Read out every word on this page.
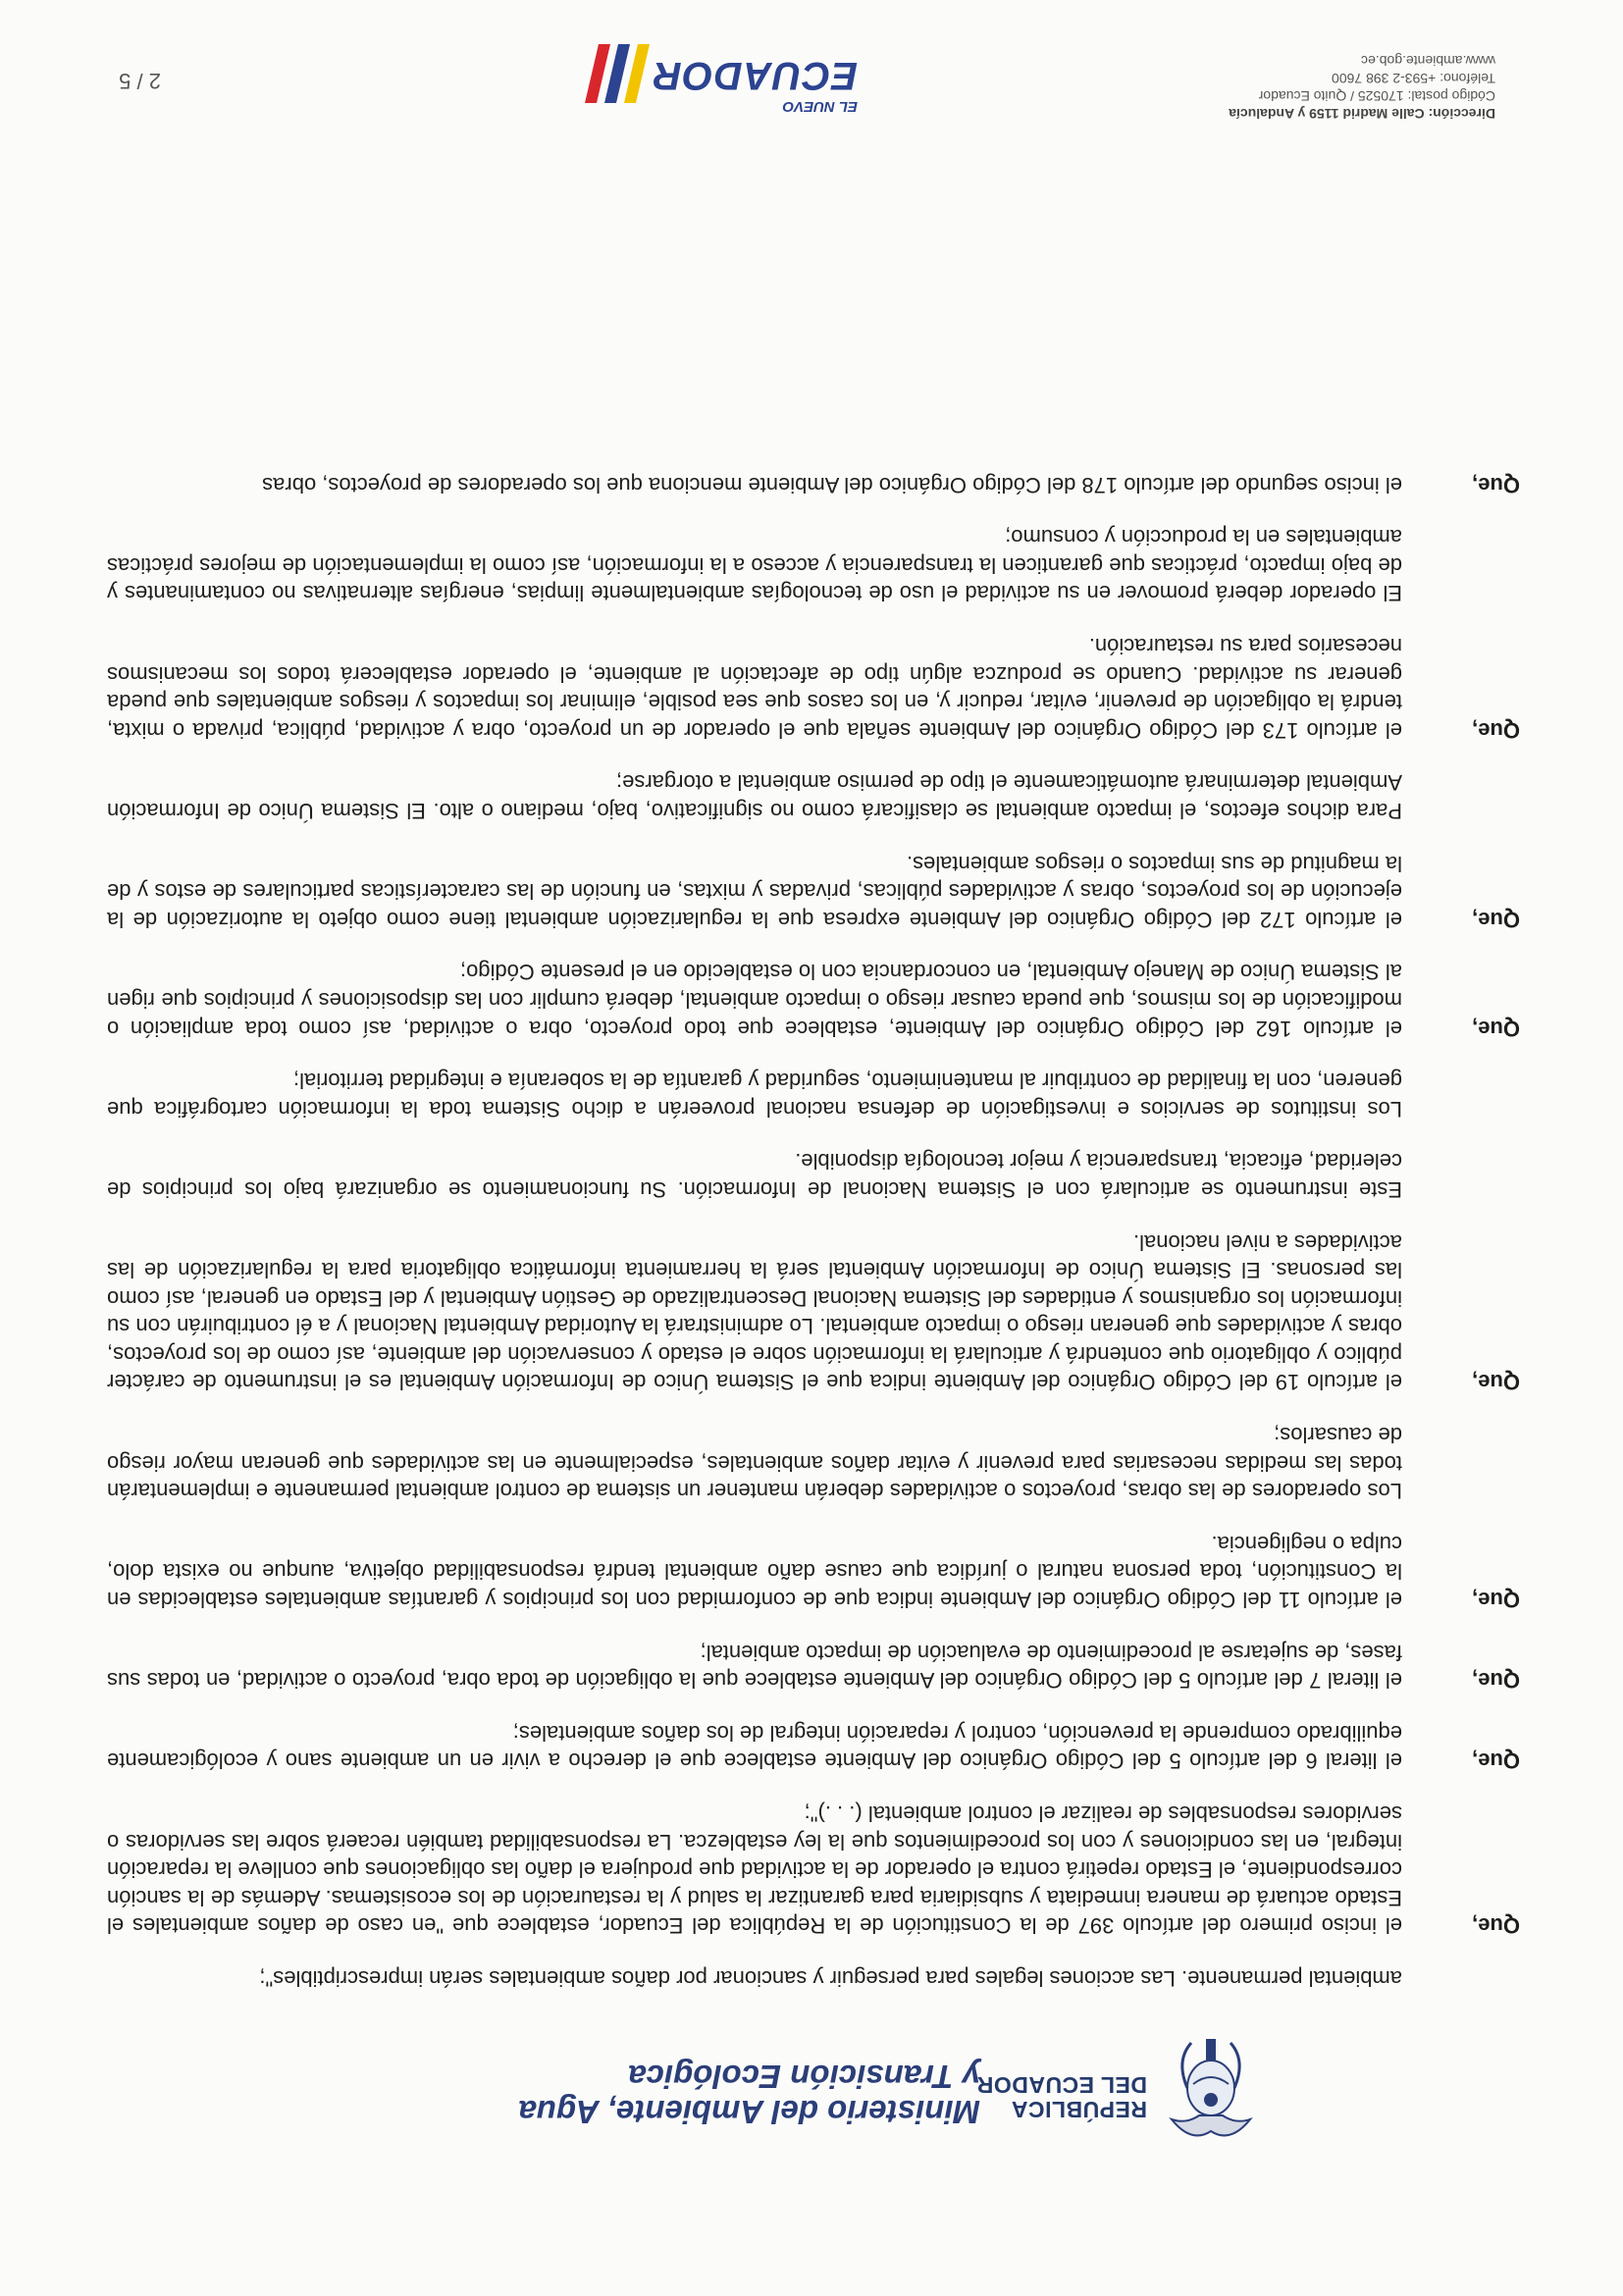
REPÚBLICA
DEL ECUADOR
Ministerio del Ambiente, Agua
y Transición Ecológica

ambiental permanente. Las acciones legales para perseguir y sancionar por daños ambientales serán imprescriptibles";

Que,

el inciso primero del artículo 397 de la Constitución de la República del Ecuador, establece que "en caso de daños ambientales el Estado actuará de manera inmediata y subsidiaria para garantizar la salud y la restauración de los ecosistemas. Además de la sanción correspondiente, el Estado repetirá contra el operador de la actividad que produjera el daño las obligaciones que conlleve la reparación integral, en las condiciones y con los procedimientos que la ley establezca. La responsabilidad también recaerá sobre las servidoras o servidores responsables de realizar el control ambiental (. . .)";

Que,

el literal 6 del artículo 5 del Código Orgánico del Ambiente establece que el derecho a vivir en un ambiente sano y ecológicamente equilibrado comprende la prevención, control y reparación integral de los daños ambientales;

Que,

el literal 7 del artículo 5 del Código Orgánico del Ambiente establece que la obligación de toda obra, proyecto o actividad, en todas sus fases, de sujetarse al procedimiento de evaluación de impacto ambiental;

Que,

el artículo 11 del Código Orgánico del Ambiente indica que de conformidad con los principios y garantías ambientales establecidas en la Constitución, toda persona natural o jurídica que cause daño ambiental tendrá responsabilidad objetiva, aunque no exista dolo, culpa o negligencia.

Los operadores de las obras, proyectos o actividades deberán mantener un sistema de control ambiental permanente e implementarán todas las medidas necesarias para prevenir y evitar daños ambientales, especialmente en las actividades que generan mayor riesgo de causarlos;

Que,

el artículo 19 del Código Orgánico del Ambiente indica que el Sistema Único de Información Ambiental es el instrumento de carácter público y obligatorio que contendrá y articulará la información sobre el estado y conservación del ambiente, así como de los proyectos, obras y actividades que generan riesgo o impacto ambiental. Lo administrará la Autoridad Ambiental Nacional y a él contribuirán con su información los organismos y entidades del Sistema Nacional Descentralizado de Gestión Ambiental y del Estado en general, así como las personas. El Sistema Único de Información Ambiental será la herramienta informática obligatoria para la regularización de las actividades a nivel nacional.

Este instrumento se articulará con el Sistema Nacional de Información. Su funcionamiento se organizará bajo los principios de celeridad, eficacia, transparencia y mejor tecnología disponible.

Los institutos de servicios e investigación de defensa nacional proveerán a dicho Sistema toda la información cartográfica que generen, con la finalidad de contribuir al mantenimiento, seguridad y garantía de la soberanía e integridad territorial;

Que,

el artículo 162 del Código Orgánico del Ambiente, establece que todo proyecto, obra o actividad, así como toda ampliación o modificación de los mismos, que pueda causar riesgo o impacto ambiental, deberá cumplir con las disposiciones y principios que rigen al Sistema Único de Manejo Ambiental, en concordancia con lo establecido en el presente Código;

Que,

el artículo 172 del Código Orgánico del Ambiente expresa que la regularización ambiental tiene como objeto la autorización de la ejecución de los proyectos, obras y actividades públicas, privadas y mixtas, en función de las características particulares de estos y de la magnitud de sus impactos o riesgos ambientales.

Para dichos efectos, el impacto ambiental se clasificará como no significativo, bajo, mediano o alto. El Sistema Único de Información Ambiental determinará automáticamente el tipo de permiso ambiental a otorgarse;

Que,

el artículo 173 del Código Orgánico del Ambiente señala que el operador de un proyecto, obra y actividad, pública, privada o mixta, tendrá la obligación de prevenir, evitar, reducir y, en los casos que sea posible, eliminar los impactos y riesgos ambientales que pueda generar su actividad. Cuando se produzca algún tipo de afectación al ambiente, el operador establecerá todos los mecanismos necesarios para su restauración.

El operador deberá promover en su actividad el uso de tecnologías ambientalmente limpias, energías alternativas no contaminantes y de bajo impacto, prácticas que garanticen la transparencia y acceso a la información, así como la implementación de mejores prácticas ambientales en la producción y consumo;

Que,

el inciso segundo del artículo 178 del Código Orgánico del Ambiente menciona que los operadores de proyectos, obras

Dirección: Calle Madrid 1159 y Andalucía
Código postal: 170525 / Quito Ecuador
Teléfono: +593-2 398 7600
www.ambiente.gob.ec
EL NUEVO
ECUADOR
2 / 5
